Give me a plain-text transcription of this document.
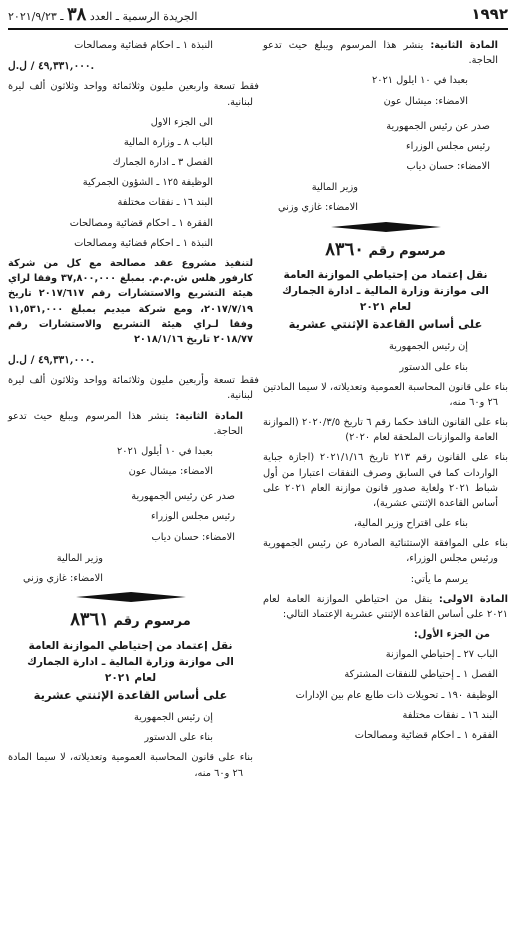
١٩٩٢
الجريدة الرسمية ـ العدد ٣٨ ـ ٢٠٢١/٩/٢٣

المادة الثانية: ينشر هذا المرسوم ويبلغ حيث تدعو الحاجة.

بعبدا في ١٠ ايلول ٢٠٢١

الامضاء: ميشال عون

صدر عن رئيس الجمهورية

رئيس مجلس الوزراء

الامضاء: حسان دياب

وزير المالية

الامضاء: غازي وزني

مرسوم رقم ٨٣٦٠

نقل إعتماد من إحتياطي الموازنة العامة
الى موازنة وزارة المالية ـ ادارة الجمارك
لعام ٢٠٢١
على أساس القاعدة الإثنتي عشرية

إن رئيس الجمهورية

بناء على الدستور

بناء على قانون المحاسبة العمومية وتعديلاته، لا سيما المادتين ٢٦ و٦٠ منه،

بناء على القانون النافذ حكما رقم ٦ تاريخ ٢٠٢٠/٣/٥ (الموازنة العامة والموازنات الملحقة لعام ٢٠٢٠)

بناء على القانون رقم ٢١٣ تاريخ ٢٠٢١/١/١٦ (اجازة جباية الواردات كما في السابق وصرف النفقات اعتبارا من أول شباط ٢٠٢١ ولغاية صدور قانون موازنة العام ٢٠٢١ على أساس القاعدة الإثنتي عشرية)،

بناء على اقتراح وزير المالية،

بناء على الموافقة الإستثنائية الصادرة عن رئيس الجمهورية ورئيس مجلس الوزراء،

يرسم ما يأتي:

المادة الاولى: ينقل من احتياطي الموازنة العامة لعام ٢٠٢١ على أساس القاعدة الإثنتي عشرية الإعتماد التالي:

من الجزء الأول:

الباب ٢٧ ـ إحتياطي الموازنة

الفصل ١ ـ إحتياطي للنفقات المشتركة

الوظيفة ١٩٠ ـ تحويلات ذات طابع عام بين الإدارات

البند ١٦ ـ نفقات مختلفة

الفقرة ١ ـ احكام قضائية ومصالحات

النبذة ١ ـ احكام قضائية ومصالحات

٤٩,٣٣١,٠٠٠ / ل.ل.

فقط تسعة واربعين مليون وثلاثمائة وواحد وثلاثون ألف ليرة لبنانية.

الى الجزء الاول

الباب ٨ ـ وزارة المالية

الفصل ٣ ـ ادارة الجمارك

الوظيفة ١٢٥ ـ الشؤون الجمركية

البند ١٦ ـ نفقات مختلفة

الفقرة ١ ـ احكام قضائية ومصالحات

النبذة ١ ـ احكام قضائية ومصالحات

لتنفيذ مشروع عقد مصالحة مع كل من شركة كارفور هلس ش.م.م. بمبلغ ٣٧,٨٠٠,٠٠٠ وفقا لراي هيئة التشريع والاستشارات رقم ٢٠١٧/٦١٧ تاريخ ٢٠١٧/٧/١٩، ومع شركة ميديم بمبلغ ١١,٥٣١,٠٠٠ وفقا لـراي هيئة التشريع والاستشارات رقم ٢٠١٨/٧٧ تاريخ ٢٠١٨/١/١٦

٤٩,٣٣١,٠٠٠ / ل.ل.

فقط تسعة وأربعين مليون وثلاثمائة وواحد وثلاثون ألف ليرة لبنانية.

المادة الثانية: ينشر هذا المرسوم ويبلغ حيث تدعو الحاجة.

بعبدا في ١٠ أيلول ٢٠٢١

الامضاء: ميشال عون

صدر عن رئيس الجمهورية

رئيس مجلس الوزراء

الامضاء: حسان دياب

وزير المالية

الامضاء: غازي وزني

مرسوم رقم ٨٣٦١

نقل إعتماد من إحتياطي الموازنة العامة
الى موازنة وزارة المالية ـ ادارة الجمارك
لعام ٢٠٢١
على أساس القاعدة الإثنتي عشرية

إن رئيس الجمهورية

بناء على الدستور

بناء على قانون المحاسبة العمومية وتعديلاته، لا سيما المادة ٢٦ و٦٠ منه،
